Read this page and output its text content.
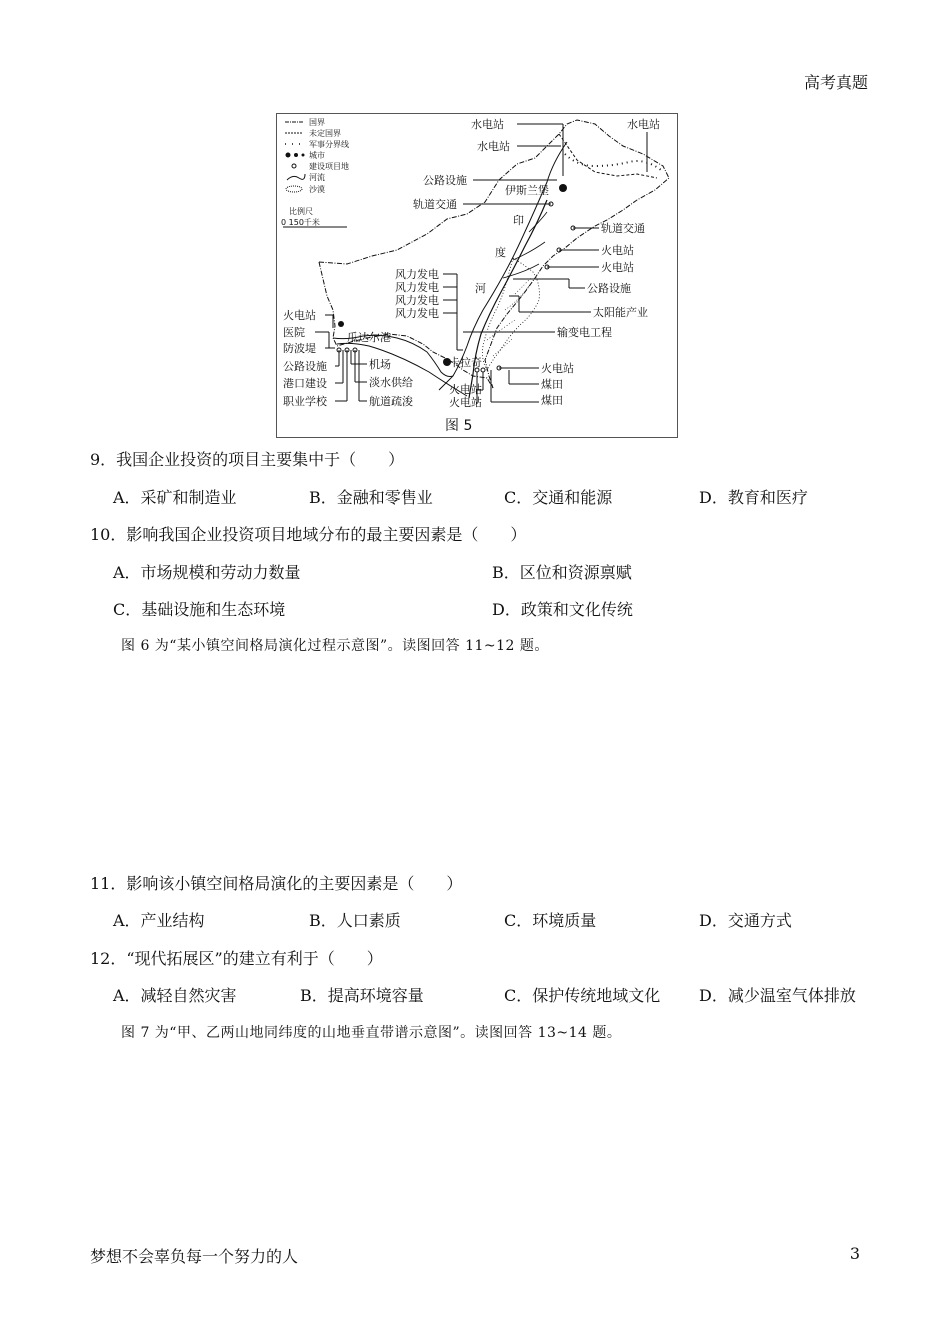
高考真题
国界
未定国界
军事分界线
城市
建设项目地
河流
沙漠
比例尺
0 150千米
伊斯兰堡
卡拉奇
瓜达尔港
印
度
河
水电站	水电站
水电站
公路设施
轨道交通
轨道交通
火电站
火电站
公路设施
太阳能产业
输变电工程
火电站
煤田
火电站
火电站	煤田
风力发电
风力发电
风力发电
风力发电
火电站
医院
防波堤
公路设施
港口建设
职业学校
机场
淡水供给
航道疏浚
图 5
9．我国企业投资的项目主要集中于（　　）
A．采矿和制造业	B．金融和零售业	C．交通和能源	D．教育和医疗
10．影响我国企业投资项目地域分布的最主要因素是（　　）
A．市场规模和劳动力数量	B．区位和资源禀赋
C．基础设施和生态环境	D．政策和文化传统
图 6 为“某小镇空间格局演化过程示意图”。读图回答 11~12 题。
11．影响该小镇空间格局演化的主要因素是（　　）
A．产业结构	B．人口素质	C．环境质量	D．交通方式
12．“现代拓展区”的建立有利于（　　）
A．减轻自然灾害	B．提高环境容量	C．保护传统地域文化 D．减少温室气体排放
图 7 为“甲、乙两山地同纬度的山地垂直带谱示意图”。读图回答 13~14 题。
梦想不会辜负每一个努力的人	3
